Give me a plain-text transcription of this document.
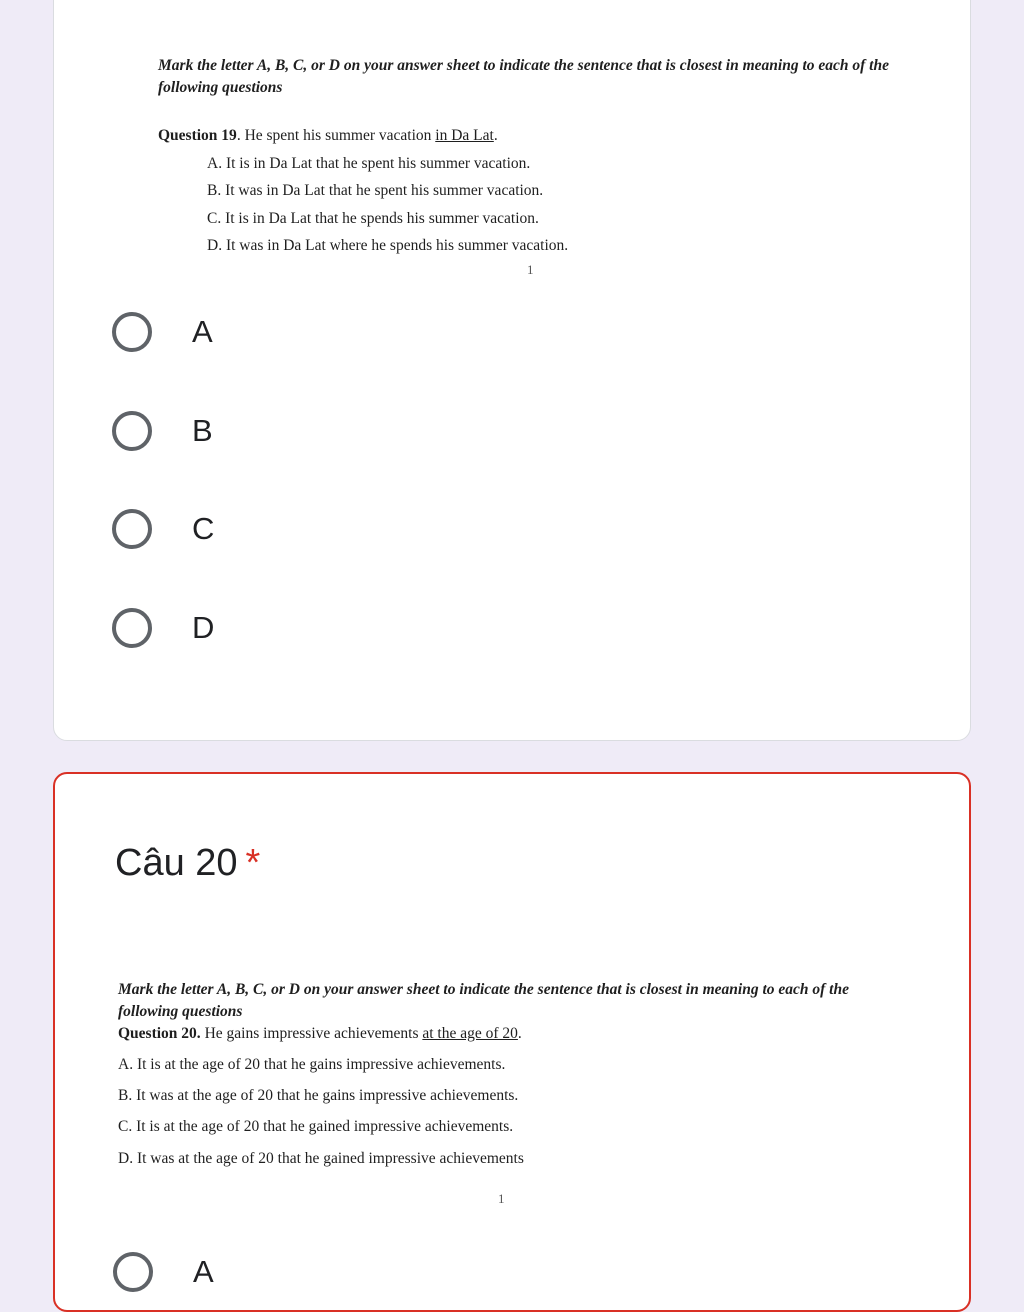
Mark the letter A, B, C, or D on your answer sheet to indicate the sentence that is closest in meaning to each of the following questions

Question 19. He spent his summer vacation in Da Lat.

A. It is in Da Lat that he spent his summer vacation.
B. It was in Da Lat that he spent his summer vacation.
C. It is in Da Lat that he spends his summer vacation.
D. It was in Da Lat where he spends his summer vacation.
1
A
B
C
D
Câu 20 *

Mark the letter A, B, C, or D on your answer sheet to indicate the sentence that is closest in meaning to each of the following questions

Question 20. He gains impressive achievements at the age of 20.

A. It is at the age of 20 that he gains impressive achievements.
B. It was at the age of 20 that he gains impressive achievements.
C. It is at the age of 20 that he gained impressive achievements.
D. It was at the age of 20 that he gained impressive achievements
1
A
